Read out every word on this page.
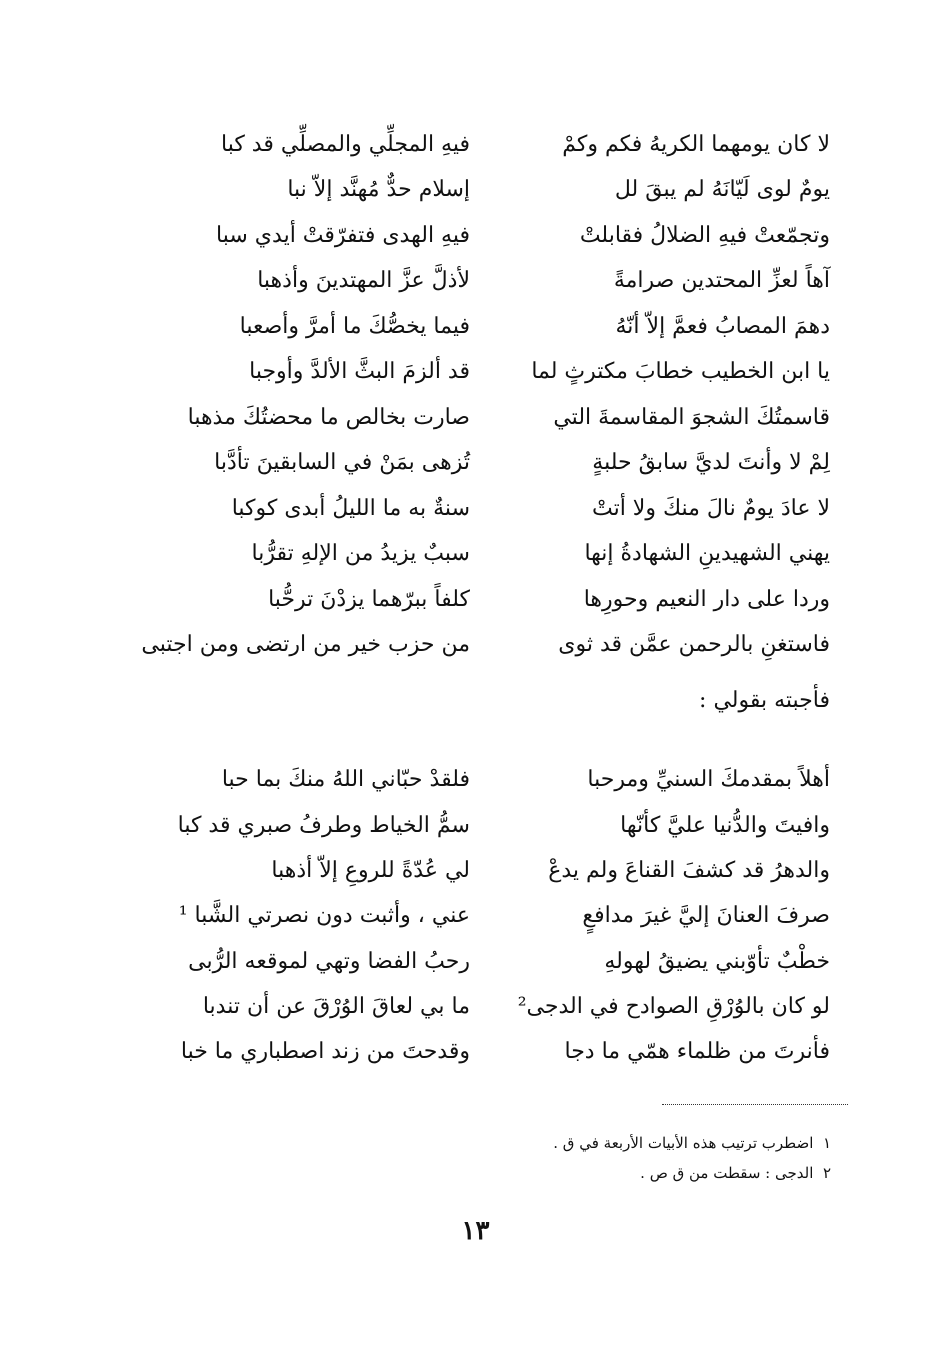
لا كان يومهما الكريهُ فكم وكمْ
فيهِ المجلِّي والمصلِّي قد كبا
يومٌ لوى لَيّانَهُ لم يبقَ لل
إسلام حدٌّ مُهنَّد إلاّ نبا
وتجمّعتْ فيهِ الضلالُ فقابلتْ
فيهِ الهدى فتفرّقتْ أيدي سبا
آهاً لعزِّ المحتدين صرامةً
لأذلَّ عزَّ المهتدينَ وأذهبا
دهمَ المصابُ فعمَّ إلاّ أنّهُ
فيما يخصُّكَ ما أمرَّ وأصعبا
يا ابن الخطيب خطابَ مكترثٍ لما
قد ألزمَ البثَّ الألدَّ وأوجبا
قاسمتُكَ الشجوَ المقاسمةَ التي
صارت بخالص ما محضتُكَ مذهبا
لِمْ لا وأنتَ لديَّ سابقُ حلبةٍ
تُزهى بمَنْ في السابقينَ تأدَّبا
لا عادَ يومٌ نالَ منكَ ولا أتتْ
سنةٌ به ما الليلُ أبدى كوكبا
يهني الشهيدينِ الشهادةُ إنها
سببٌ يزيدُ من الإلهِ تقرُّبا
وردا على دار النعيم وحورِها
كلفاً ببرّهما يزدْنَ ترحُّبا
فاستغنِ بالرحمن عمَّن قد ثوى
من حزب خير من ارتضى ومن اجتبى
فأجبته بقولي :
أهلاً بمقدمكَ السنيِّ ومرحبا
فلقدْ حبّاني اللهُ منكَ بما حبا
وافيتَ والدُّنيا عليَّ كأنّها
سمُّ الخياط وطرفُ صبري قد كبا
والدهرُ قد كشفَ القناعَ ولم يدعْ
لي عُدّةً للروعِ إلاّ أذهبا
صرفَ العنانَ إليَّ غيرَ مدافعٍ
عني ، وأثبت دون نصرتي الشَّبا ¹
خطْبٌ تأوّبني يضيقُ لهولهِ
رحبُ الفضا وتهي لموقعه الرُّبى
لو كان بالوُرْقِ الصوادح في الدجى²
ما بي لعاقَ الوُرْقَ عن أن تندبا
فأنرتَ من ظلماء همّي ما دجا
وقدحتَ من زند اصطباري ما خبا
١  اضطرب ترتيب هذه الأبيات الأربعة في ق .
٢  الدجى : سقطت من ق ص .
١٣
